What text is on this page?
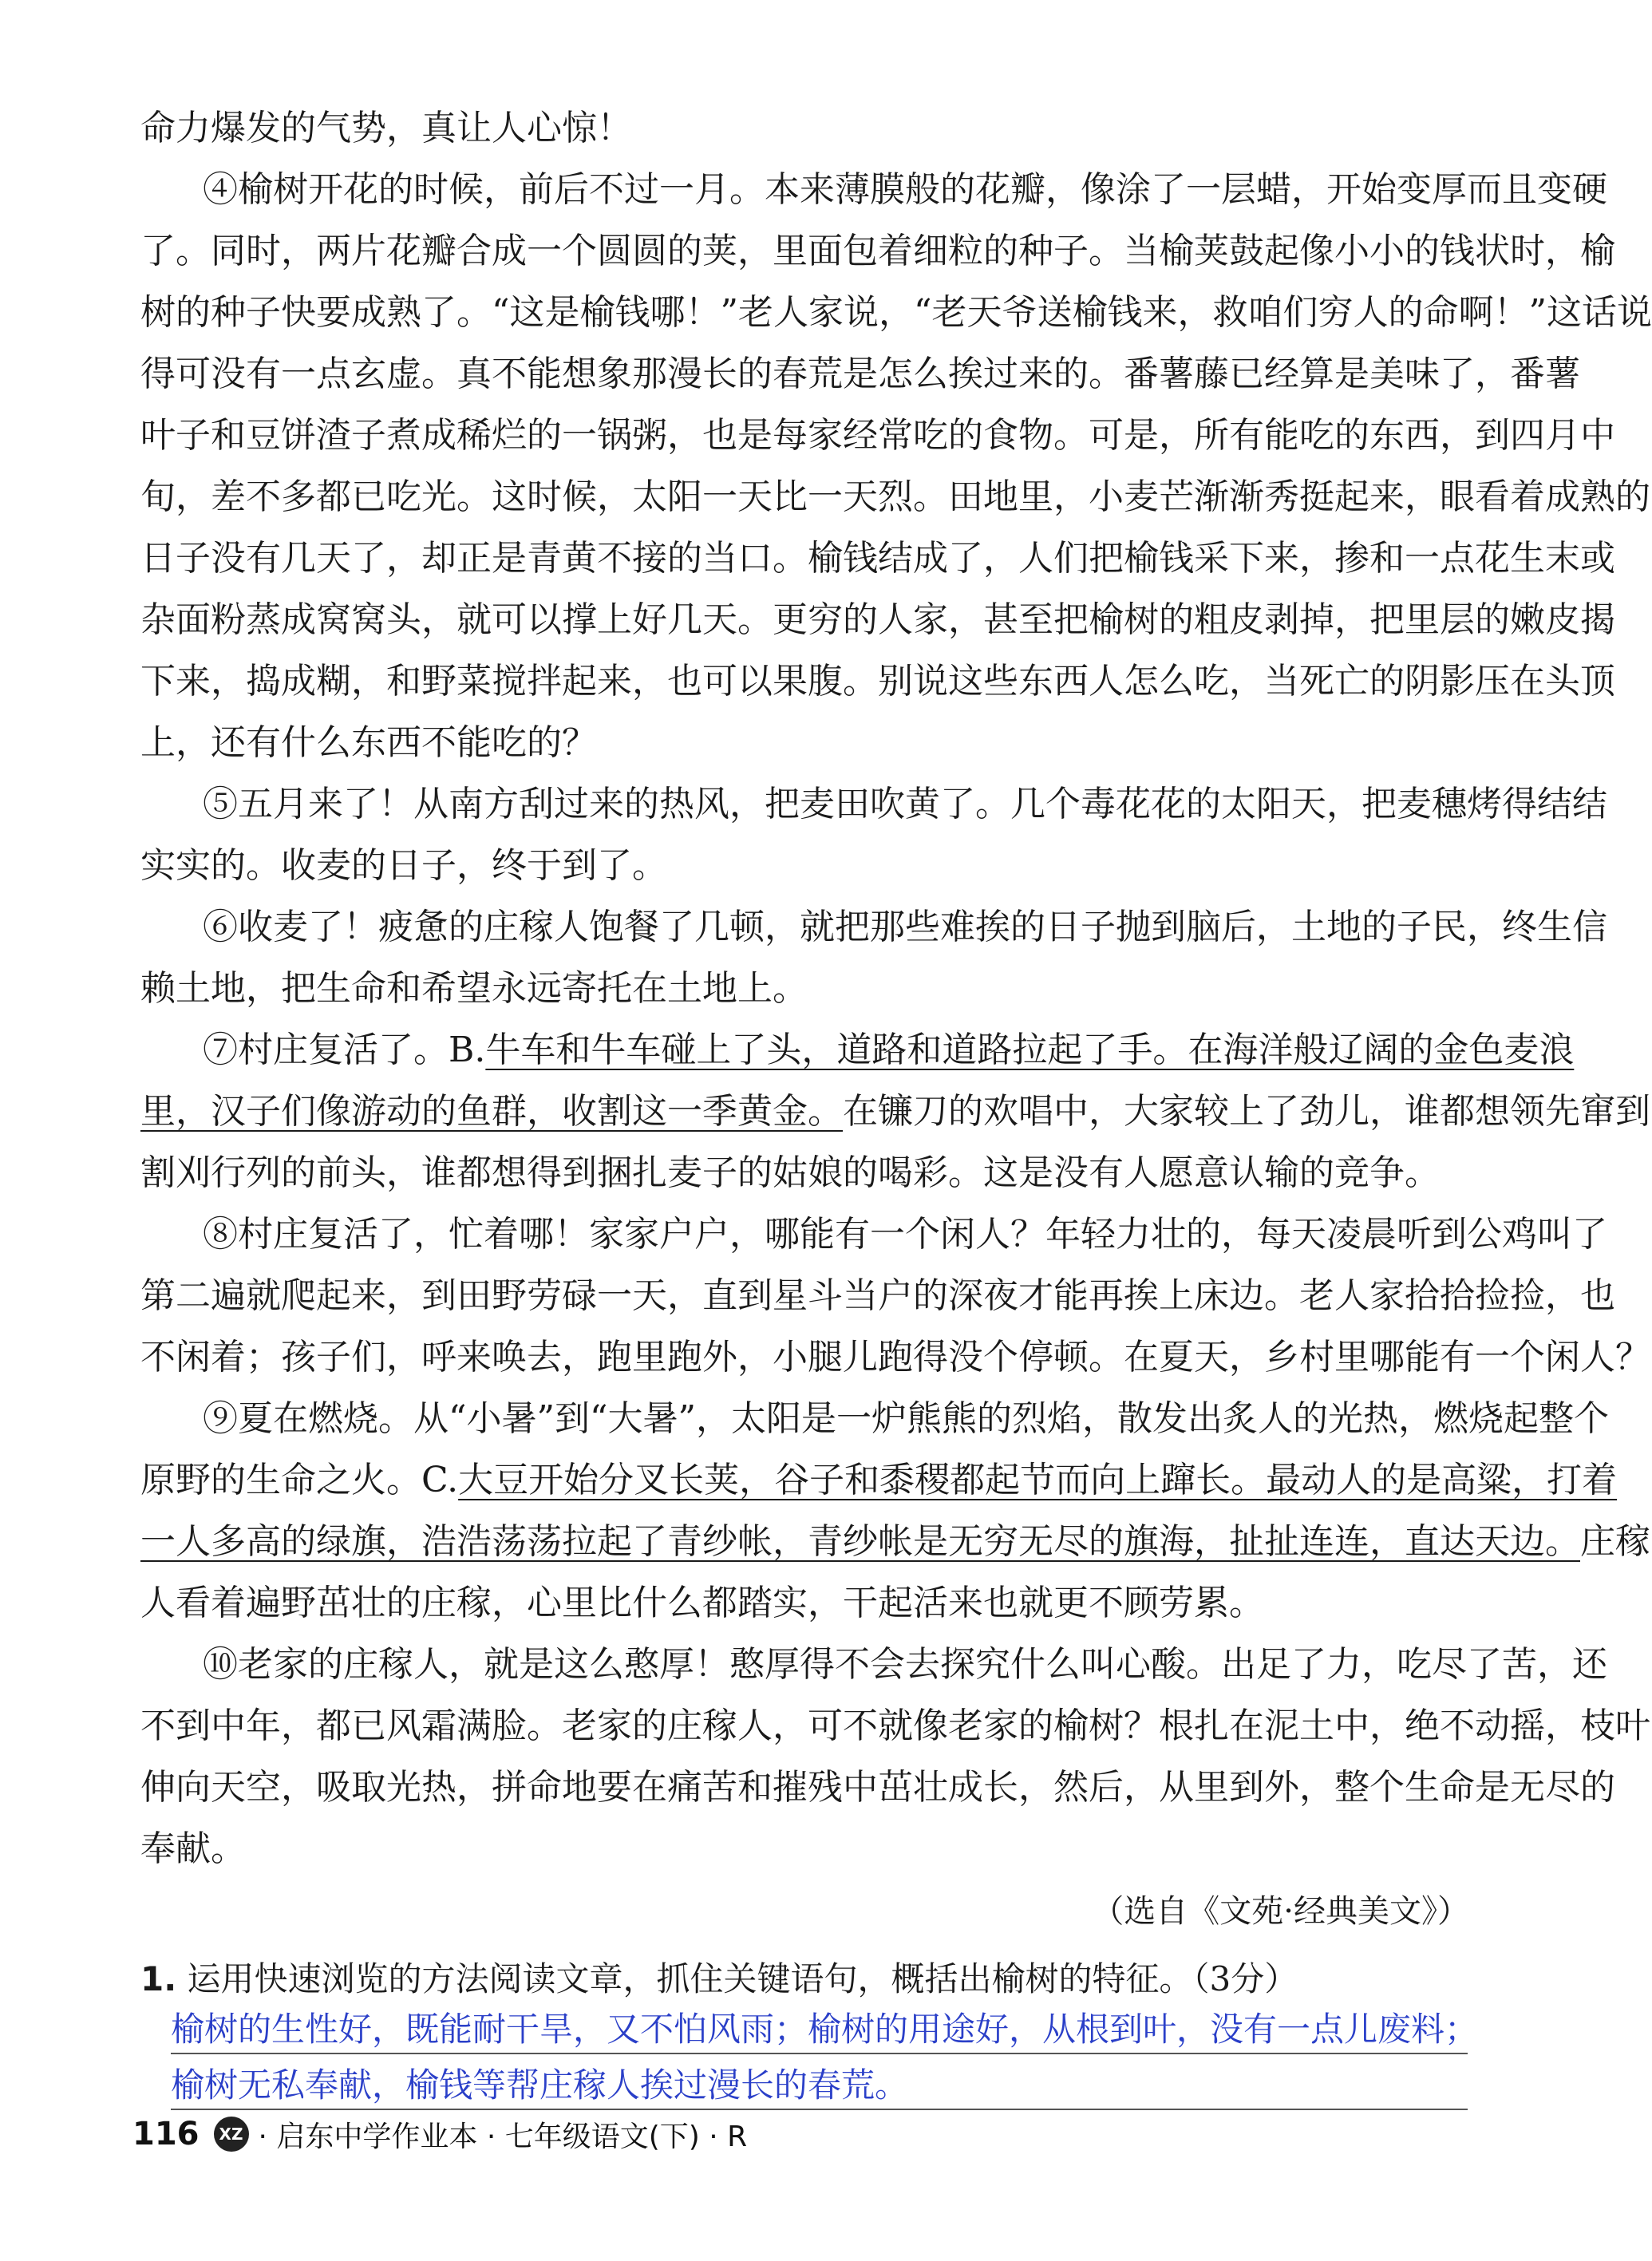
命力爆发的气势，真让人心惊！
④榆树开花的时候，前后不过一月。本来薄膜般的花瓣，像涂了一层蜡，开始变厚而且变硬
了。同时，两片花瓣合成一个圆圆的荚，里面包着细粒的种子。当榆荚鼓起像小小的钱状时，榆
树的种子快要成熟了。“这是榆钱哪！”老人家说，“老天爷送榆钱来，救咱们穷人的命啊！”这话说
得可没有一点玄虚。真不能想象那漫长的春荒是怎么挨过来的。番薯藤已经算是美味了，番薯
叶子和豆饼渣子煮成稀烂的一锅粥，也是每家经常吃的食物。可是，所有能吃的东西，到四月中
旬，差不多都已吃光。这时候，太阳一天比一天烈。田地里，小麦芒渐渐秀挺起来，眼看着成熟的
日子没有几天了，却正是青黄不接的当口。榆钱结成了，人们把榆钱采下来，掺和一点花生末或
杂面粉蒸成窝窝头，就可以撑上好几天。更穷的人家，甚至把榆树的粗皮剥掉，把里层的嫩皮揭
下来，捣成糊，和野菜搅拌起来，也可以果腹。别说这些东西人怎么吃，当死亡的阴影压在头顶
上，还有什么东西不能吃的？
⑤五月来了！从南方刮过来的热风，把麦田吹黄了。几个毒花花的太阳天，把麦穗烤得结结
实实的。收麦的日子，终于到了。
⑥收麦了！疲惫的庄稼人饱餐了几顿，就把那些难挨的日子抛到脑后，土地的子民，终生信
赖土地，把生命和希望永远寄托在土地上。
⑦村庄复活了。B.牛车和牛车碰上了头，道路和道路拉起了手。在海洋般辽阔的金色麦浪
里，汉子们像游动的鱼群，收割这一季黄金。在镰刀的欢唱中，大家较上了劲儿，谁都想领先窜到
割刈行列的前头，谁都想得到捆扎麦子的姑娘的喝彩。这是没有人愿意认输的竞争。
⑧村庄复活了，忙着哪！家家户户，哪能有一个闲人？年轻力壮的，每天凌晨听到公鸡叫了
第二遍就爬起来，到田野劳碌一天，直到星斗当户的深夜才能再挨上床边。老人家拾拾捡捡，也
不闲着；孩子们，呼来唤去，跑里跑外，小腿儿跑得没个停顿。在夏天，乡村里哪能有一个闲人？
⑨夏在燃烧。从“小暑”到“大暑”，太阳是一炉熊熊的烈焰，散发出炙人的光热，燃烧起整个
原野的生命之火。C.大豆开始分叉长荚，谷子和黍稷都起节而向上蹿长。最动人的是高粱，打着
一人多高的绿旗，浩浩荡荡拉起了青纱帐，青纱帐是无穷无尽的旗海，扯扯连连，直达天边。庄稼
人看着遍野茁壮的庄稼，心里比什么都踏实，干起活来也就更不顾劳累。
⑩老家的庄稼人，就是这么憨厚！憨厚得不会去探究什么叫心酸。出足了力，吃尽了苦，还
不到中年，都已风霜满脸。老家的庄稼人，可不就像老家的榆树？根扎在泥土中，绝不动摇，枝叶
伸向天空，吸取光热，拼命地要在痛苦和摧残中茁壮成长，然后，从里到外，整个生命是无尽的
奉献。
（选自《文苑·经典美文》）
1. 运用快速浏览的方法阅读文章，抓住关键语句，概括出榆树的特征。（3分）
榆树的生性好，既能耐干旱，又不怕风雨；榆树的用途好，从根到叶，没有一点儿废料；
榆树无私奉献，榆钱等帮庄稼人挨过漫长的春荒。
116	XZ · 启东中学作业本 · 七年级语文(下) · R
